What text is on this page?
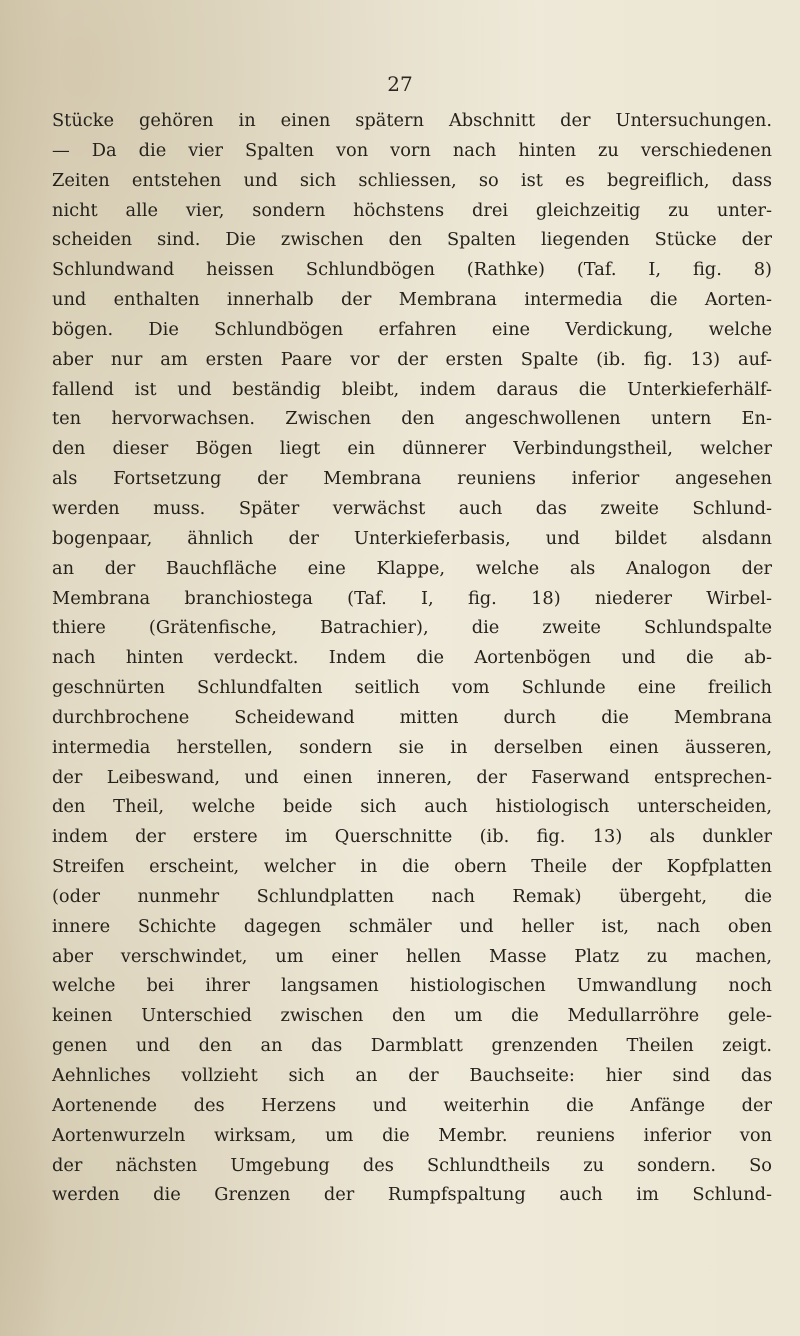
27

Stücke gehören in einen spätern Abschnitt der Untersuchungen.
— Da die vier Spalten von vorn nach hinten zu verschiedenen
Zeiten entstehen und sich schliessen, so ist es begreiflich, dass
nicht alle vier, sondern höchstens drei gleichzeitig zu unter-
scheiden sind. Die zwischen den Spalten liegenden Stücke der
Schlundwand heissen Schlundbögen (Rathke) (Taf. I, fig. 8)
und enthalten innerhalb der Membrana intermedia die Aorten-
bögen. Die Schlundbögen erfahren eine Verdickung, welche
aber nur am ersten Paare vor der ersten Spalte (ib. fig. 13) auf-
fallend ist und beständig bleibt, indem daraus die Unterkieferhälf-
ten hervorwachsen. Zwischen den angeschwollenen untern En-
den dieser Bögen liegt ein dünnerer Verbindungstheil, welcher
als Fortsetzung der Membrana reuniens inferior angesehen
werden muss. Später verwächst auch das zweite Schlund-
bogenpaar, ähnlich der Unterkieferbasis, und bildet alsdann
an der Bauchfläche eine Klappe, welche als Analogon der
Membrana branchiostega (Taf. I, fig. 18) niederer Wirbel-
thiere (Grätenfische, Batrachier), die zweite Schlundspalte
nach hinten verdeckt. Indem die Aortenbögen und die ab-
geschnürten Schlundfalten seitlich vom Schlunde eine freilich
durchbrochene Scheidewand mitten durch die Membrana
intermedia herstellen, sondern sie in derselben einen äusseren,
der Leibeswand, und einen inneren, der Faserwand entsprechen-
den Theil, welche beide sich auch histiologisch unterscheiden,
indem der erstere im Querschnitte (ib. fig. 13) als dunkler
Streifen erscheint, welcher in die obern Theile der Kopfplatten
(oder nunmehr Schlundplatten nach Remak) übergeht, die
innere Schichte dagegen schmäler und heller ist, nach oben
aber verschwindet, um einer hellen Masse Platz zu machen,
welche bei ihrer langsamen histiologischen Umwandlung noch
keinen Unterschied zwischen den um die Medullarröhre gele-
genen und den an das Darmblatt grenzenden Theilen zeigt.
Aehnliches vollzieht sich an der Bauchseite: hier sind das
Aortenende des Herzens und weiterhin die Anfänge der
Aortenwurzeln wirksam, um die Membr. reuniens inferior von
der nächsten Umgebung des Schlundtheils zu sondern. So
werden die Grenzen der Rumpfspaltung auch im Schlund-
